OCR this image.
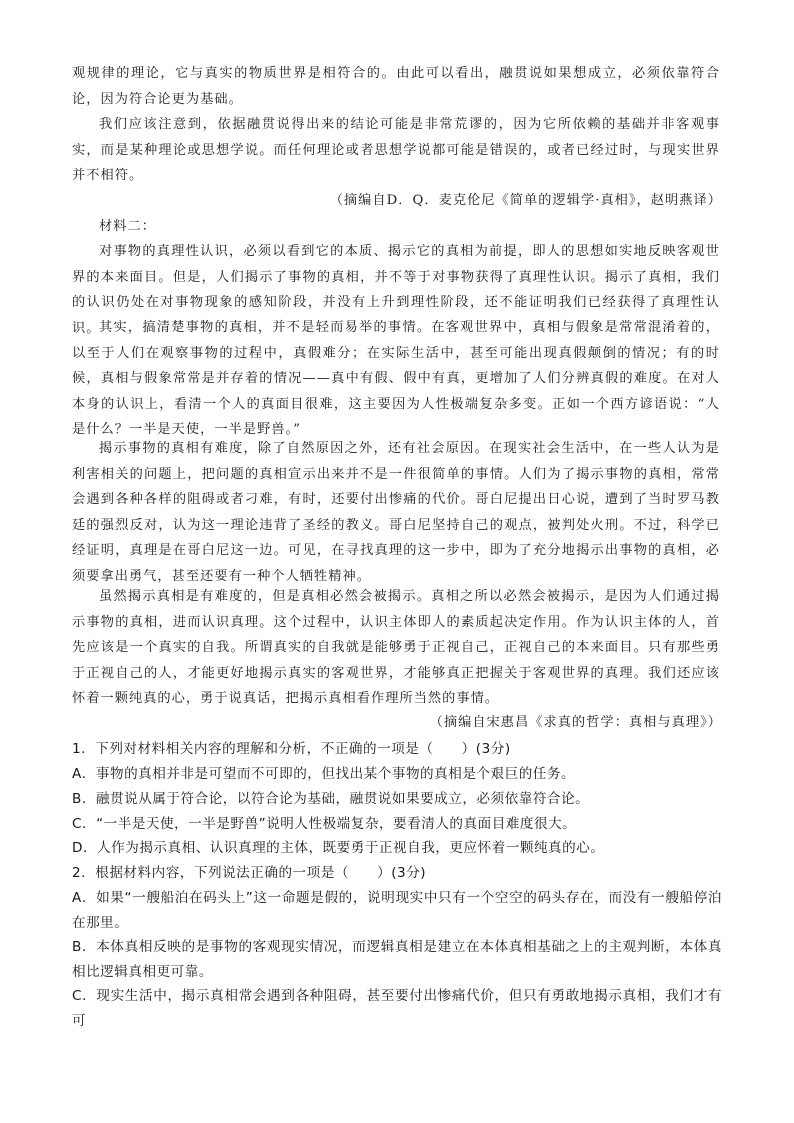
观规律的理论，它与真实的物质世界是相符合的。由此可以看出，融贯说如果想成立，必须依靠符合论，因为符合论更为基础。

我们应该注意到，依据融贯说得出来的结论可能是非常荒谬的，因为它所依赖的基础并非客观事实，而是某种理论或思想学说。而任何理论或者思想学说都可能是错误的，或者已经过时，与现实世界并不相符。

（摘编自D．Q．麦克伦尼《简单的逻辑学·真相》，赵明燕译）

材料二：

对事物的真理性认识，必须以看到它的本质、揭示它的真相为前提，即人的思想如实地反映客观世界的本来面目。但是，人们揭示了事物的真相，并不等于对事物获得了真理性认识。揭示了真相，我们的认识仍处在对事物现象的感知阶段，并没有上升到理性阶段，还不能证明我们已经获得了真理性认识。

其实，搞清楚事物的真相，并不是轻而易举的事情。在客观世界中，真相与假象是常常混淆着的，以至于人们在观察事物的过程中，真假难分；在实际生活中，甚至可能出现真假颠倒的情况；有的时候，真相与假象常常是并存着的情况——真中有假、假中有真，更增加了人们分辨真假的难度。在对人本身的认识上，看清一个人的真面目很难，这主要因为人性极端复杂多变。正如一个西方谚语说：“人是什么？一半是天使，一半是野兽。”

揭示事物的真相有难度，除了自然原因之外，还有社会原因。在现实社会生活中，在一些人认为是利害相关的问题上，把问题的真相宣示出来并不是一件很简单的事情。人们为了揭示事物的真相，常常会遇到各种各样的阻碍或者刁难，有时，还要付出惨痛的代价。哥白尼提出日心说，遭到了当时罗马教廷的强烈反对，认为这一理论违背了圣经的教义。哥白尼坚持自己的观点，被判处火刑。不过，科学已经证明，真理是在哥白尼这一边。可见，在寻找真理的这一步中，即为了充分地揭示出事物的真相，必须要拿出勇气，甚至还要有一种个人牺牲精神。

虽然揭示真相是有难度的，但是真相必然会被揭示。真相之所以必然会被揭示，是因为人们通过揭示事物的真相，进而认识真理。这个过程中，认识主体即人的素质起决定作用。作为认识主体的人，首先应该是一个真实的自我。所谓真实的自我就是能够勇于正视自己，正视自己的本来面目。只有那些勇于正视自己的人，才能更好地揭示真实的客观世界，才能够真正把握关于客观世界的真理。我们还应该怀着一颗纯真的心，勇于说真话，把揭示真相看作理所当然的事情。

（摘编自宋惠昌《求真的哲学：真相与真理》）

1．下列对材料相关内容的理解和分析，不正确的一项是（　　）(3分)

A．事物的真相并非是可望而不可即的，但找出某个事物的真相是个艰巨的任务。

B．融贯说从属于符合论，以符合论为基础，融贯说如果要成立，必须依靠符合论。

C．“一半是天使，一半是野兽”说明人性极端复杂，要看清人的真面目难度很大。

D．人作为揭示真相、认识真理的主体，既要勇于正视自我，更应怀着一颗纯真的心。

2．根据材料内容，下列说法正确的一项是（　　）(3分)

A．如果“一艘船泊在码头上”这一命题是假的，说明现实中只有一个空空的码头存在，而没有一艘船停泊在那里。

B．本体真相反映的是事物的客观现实情况，而逻辑真相是建立在本体真相基础之上的主观判断，本体真相比逻辑真相更可靠。

C．现实生活中，揭示真相常会遇到各种阻碍，甚至要付出惨痛代价，但只有勇敢地揭示真相，我们才有可
